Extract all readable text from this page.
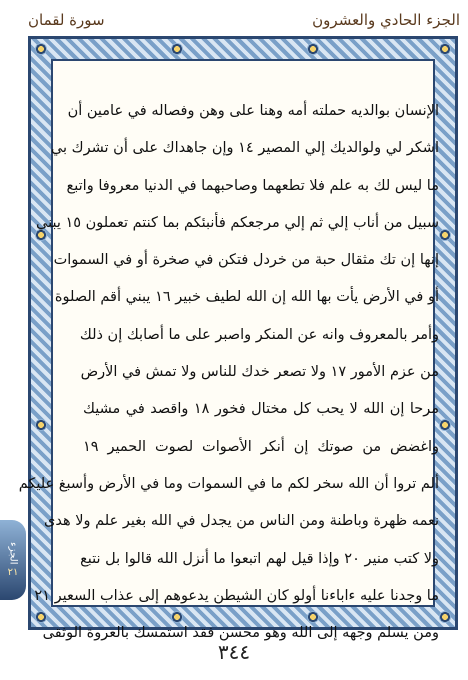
الجزء الحادي والعشرون
سورة لقمان
الإنسان بوالديه حملته أمه وهنا على وهن وفصاله في عامين أن
اشكر لي ولوالديك إلي المصير ١٤ وإن جاهداك على أن تشرك بي
ما ليس لك به علم فلا تطعهما وصاحبهما في الدنيا معروفا واتبع
سبيل من أناب إلي ثم إلي مرجعكم فأنبئكم بما كنتم تعملون ١٥ يبني
إنها إن تك مثقال حبة من خردل فتكن في صخرة أو في السموات
أو في الأرض يأت بها الله إن الله لطيف خبير ١٦ يبني أقم الصلوة
وأمر بالمعروف وانه عن المنكر واصبر على ما أصابك إن ذلك
من عزم الأمور ١٧ ولا تصعر خدك للناس ولا تمش في الأرض
مرحا إن الله لا يحب كل مختال فخور ١٨ واقصد في مشيك
واغضض من صوتك إن أنكر الأصوات لصوت الحمير ١٩
ألم تروا أن الله سخر لكم ما في السموات وما في الأرض وأسبغ عليكم
نعمه ظهرة وباطنة ومن الناس من يجدل في الله بغير علم ولا هدى
ولا كتب منير ٢٠ وإذا قيل لهم اتبعوا ما أنزل الله قالوا بل نتبع
ما وجدنا عليه ءاباءنا أولو كان الشيطن يدعوهم إلى عذاب السعير ٢١
ومن يسلم وجهه إلى الله وهو محسن فقد استمسك بالعروة الوثقى
الجزء
٢١
٣٤٤
